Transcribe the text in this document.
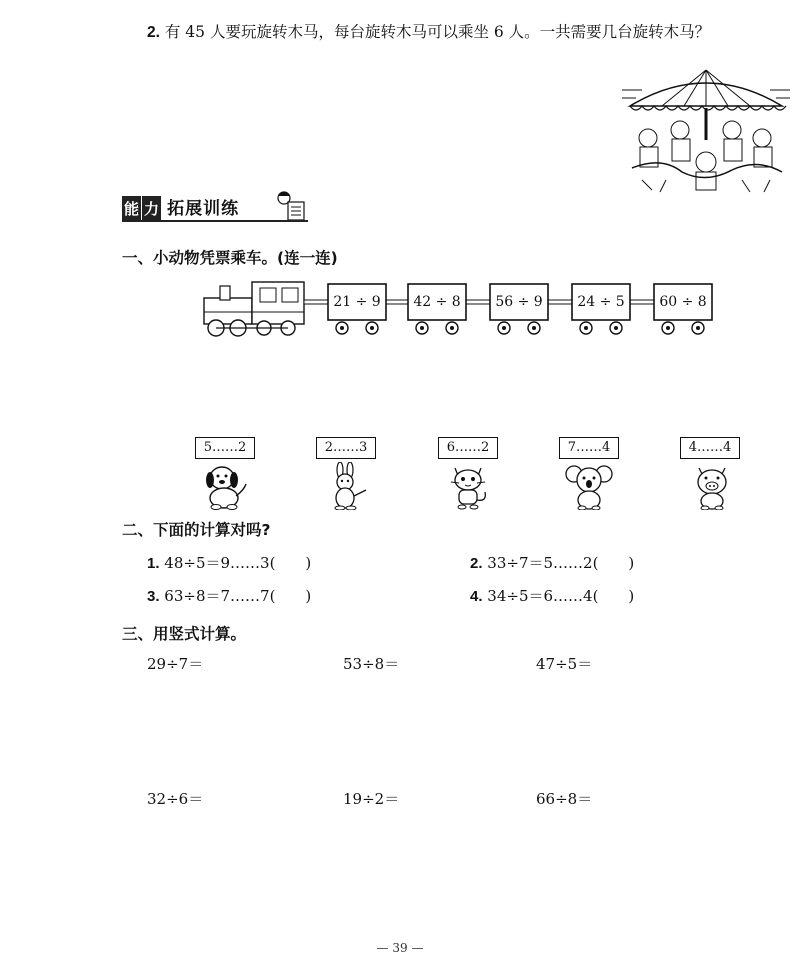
2. 有 45 人要玩旋转木马，每台旋转木马可以乘坐 6 人。一共需要几台旋转木马？
能 力 拓展训练
一、小动物凭票乘车。(连一连)
21 ÷ 9	42 ÷ 8	56 ÷ 9	24 ÷ 5	60 ÷ 8
5……2	2……3	6……2	7……4	4……4
二、下面的计算对吗?
1. 48÷5＝9……3(　　)	2. 33÷7＝5……2(　　)
3. 63÷8＝7……7(　　)	4. 34÷5＝6……4(　　)
三、用竖式计算。
29÷7＝	53÷8＝	47÷5＝
32÷6＝	19÷2＝	66÷8＝
— 39 —
